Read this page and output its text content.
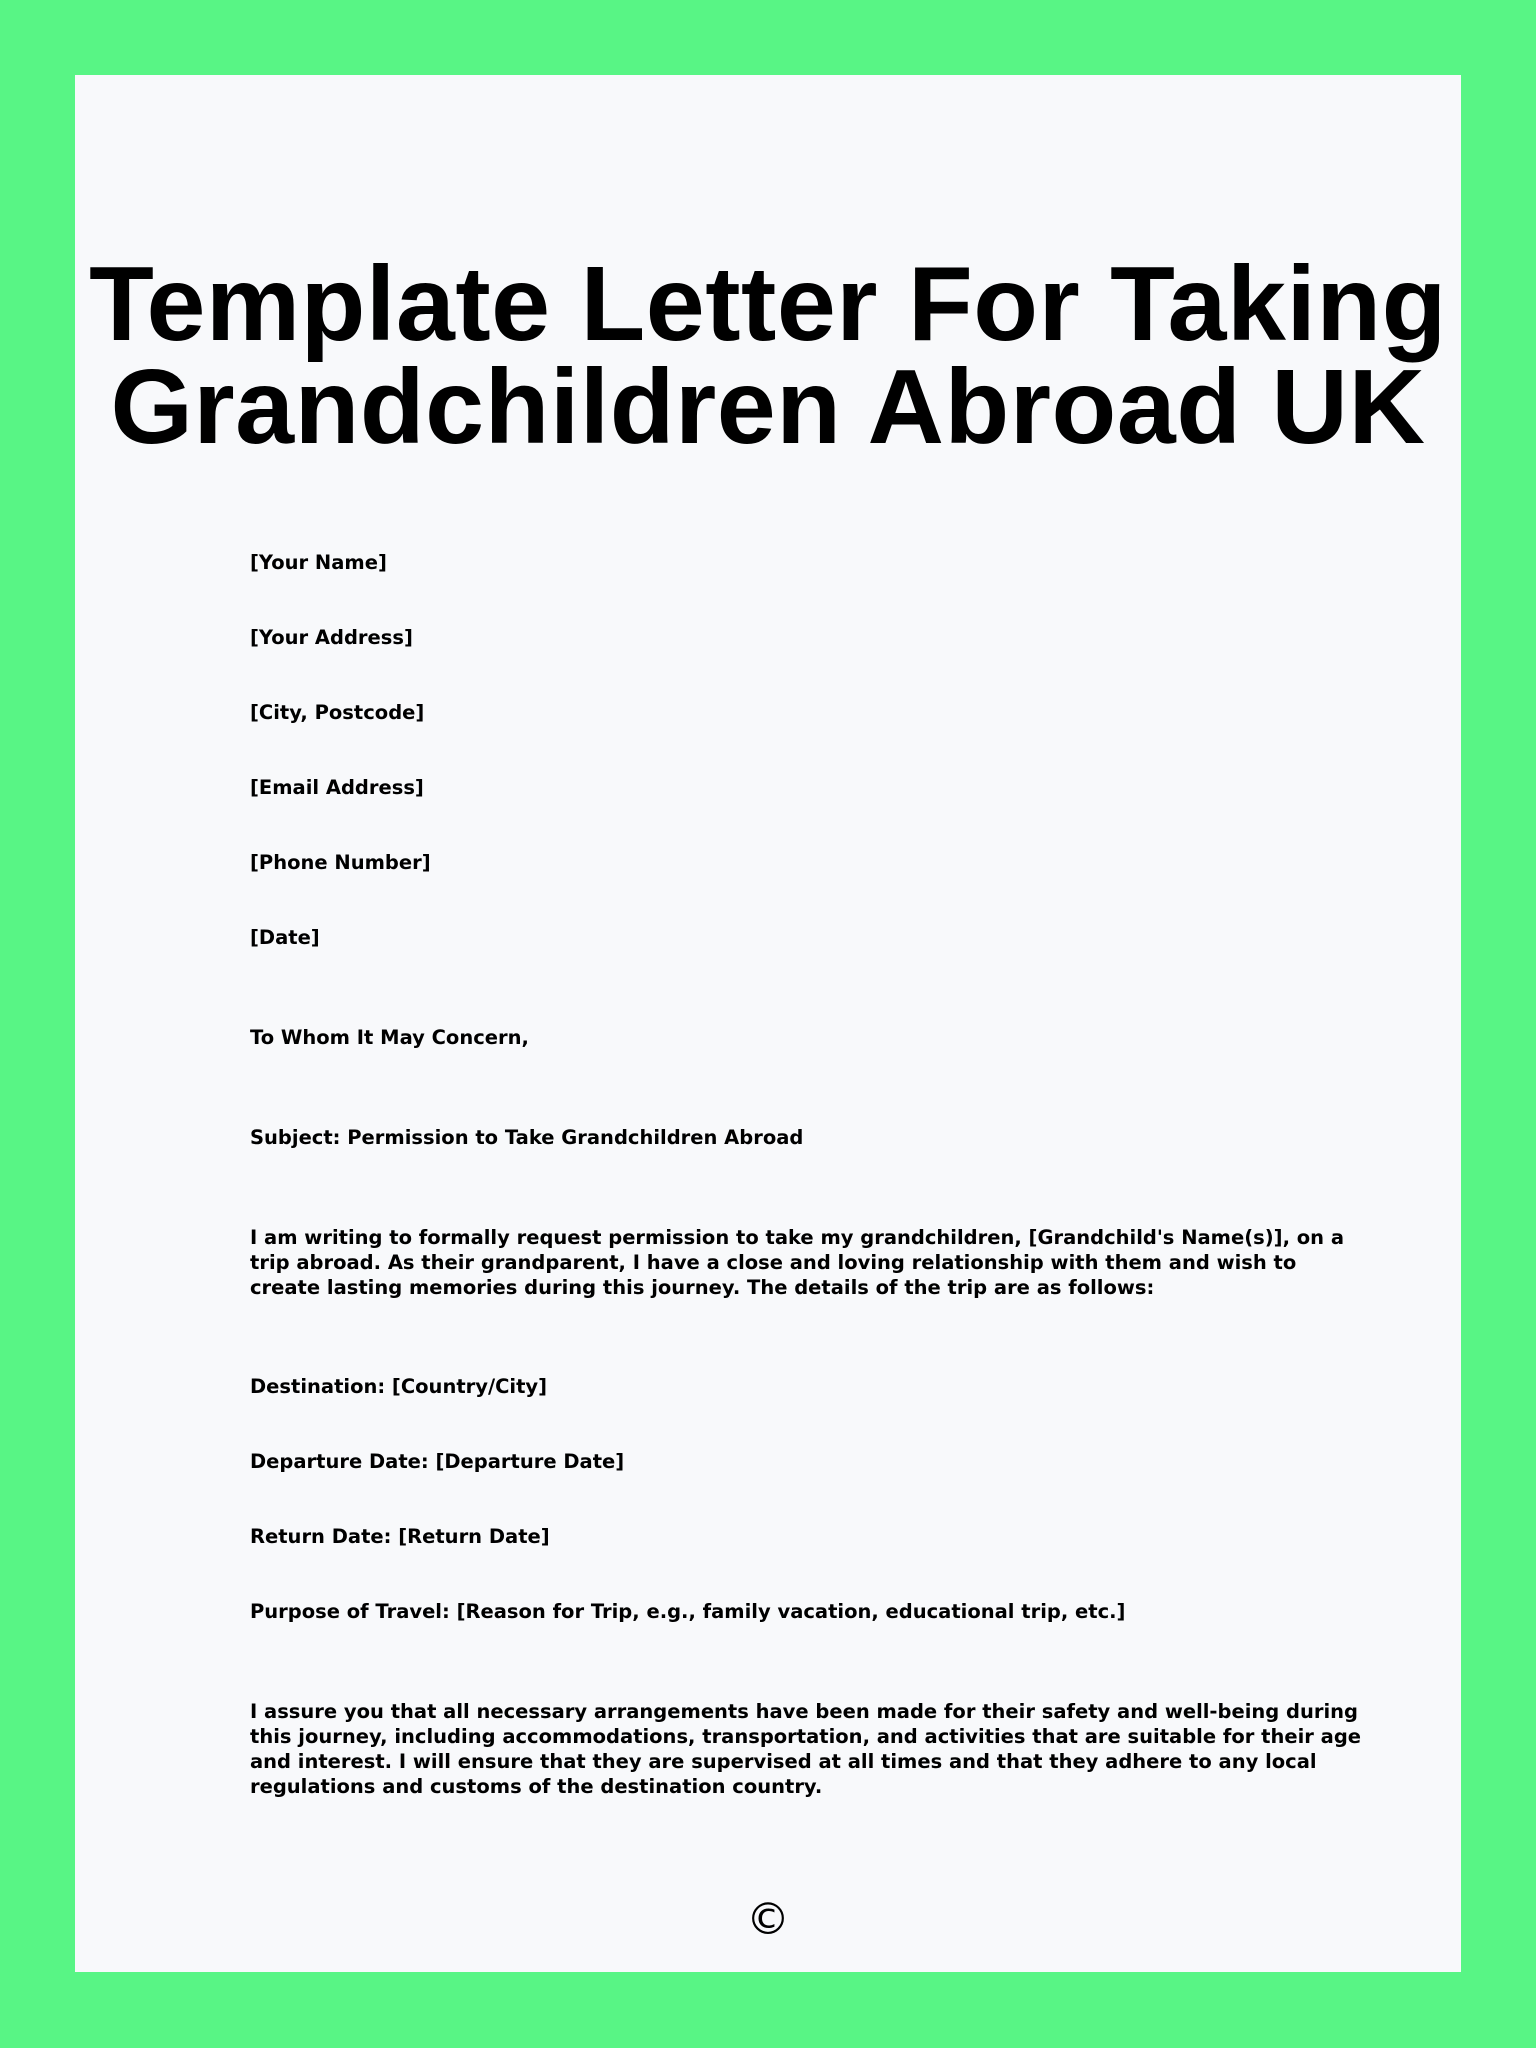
Template Letter For Taking
Grandchildren Abroad UK

[Your Name]

[Your Address]

[City, Postcode]

[Email Address]

[Phone Number]

[Date]

To Whom It May Concern,

Subject: Permission to Take Grandchildren Abroad

I am writing to formally request permission to take my grandchildren, [Grandchild's Name(s)], on a trip abroad. As their grandparent, I have a close and loving relationship with them and wish to create lasting memories during this journey. The details of the trip are as follows:

Destination: [Country/City]

Departure Date: [Departure Date]

Return Date: [Return Date]

Purpose of Travel: [Reason for Trip, e.g., family vacation, educational trip, etc.]

I assure you that all necessary arrangements have been made for their safety and well-being during this journey, including accommodations, transportation, and activities that are suitable for their age and interest. I will ensure that they are supervised at all times and that they adhere to any local regulations and customs of the destination country.

©
